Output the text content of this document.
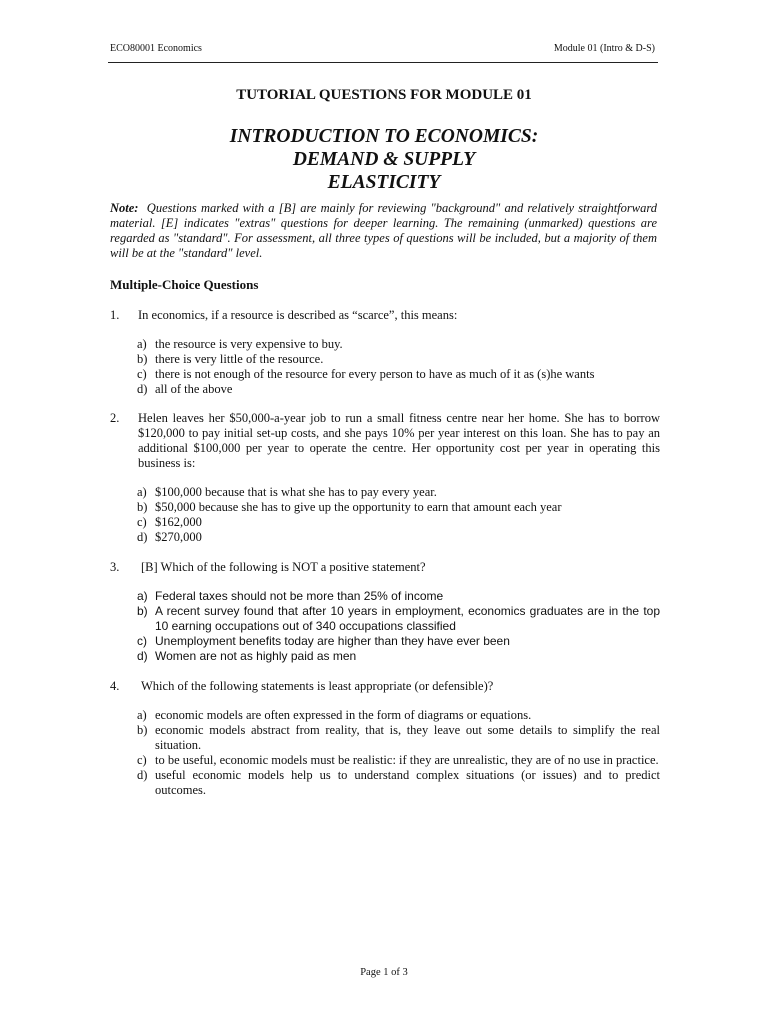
ECO80001 Economics	Module 01 (Intro & D-S)
TUTORIAL QUESTIONS FOR MODULE 01
INTRODUCTION TO ECONOMICS:
DEMAND & SUPPLY
ELASTICITY
Note: Questions marked with a [B] are mainly for reviewing "background" and relatively straightforward material. [E] indicates "extras" questions for deeper learning. The remaining (unmarked) questions are regarded as "standard". For assessment, all three types of questions will be included, but a majority of them will be at the "standard" level.
Multiple-Choice Questions
1. In economics, if a resource is described as “scarce”, this means:
a) the resource is very expensive to buy.
b) there is very little of the resource.
c) there is not enough of the resource for every person to have as much of it as (s)he wants
d) all of the above
2. Helen leaves her $50,000-a-year job to run a small fitness centre near her home. She has to borrow $120,000 to pay initial set-up costs, and she pays 10% per year interest on this loan. She has to pay an additional $100,000 per year to operate the centre. Her opportunity cost per year in operating this business is:
a) $100,000 because that is what she has to pay every year.
b) $50,000 because she has to give up the opportunity to earn that amount each year
c) $162,000
d) $270,000
3. [B] Which of the following is NOT a positive statement?
a) Federal taxes should not be more than 25% of income
b) A recent survey found that after 10 years in employment, economics graduates are in the top 10 earning occupations out of 340 occupations classified
c) Unemployment benefits today are higher than they have ever been
d) Women are not as highly paid as men
4. Which of the following statements is least appropriate (or defensible)?
a) economic models are often expressed in the form of diagrams or equations.
b) economic models abstract from reality, that is, they leave out some details to simplify the real situation.
c) to be useful, economic models must be realistic: if they are unrealistic, they are of no use in practice.
d) useful economic models help us to understand complex situations (or issues) and to predict outcomes.
Page 1 of 3
